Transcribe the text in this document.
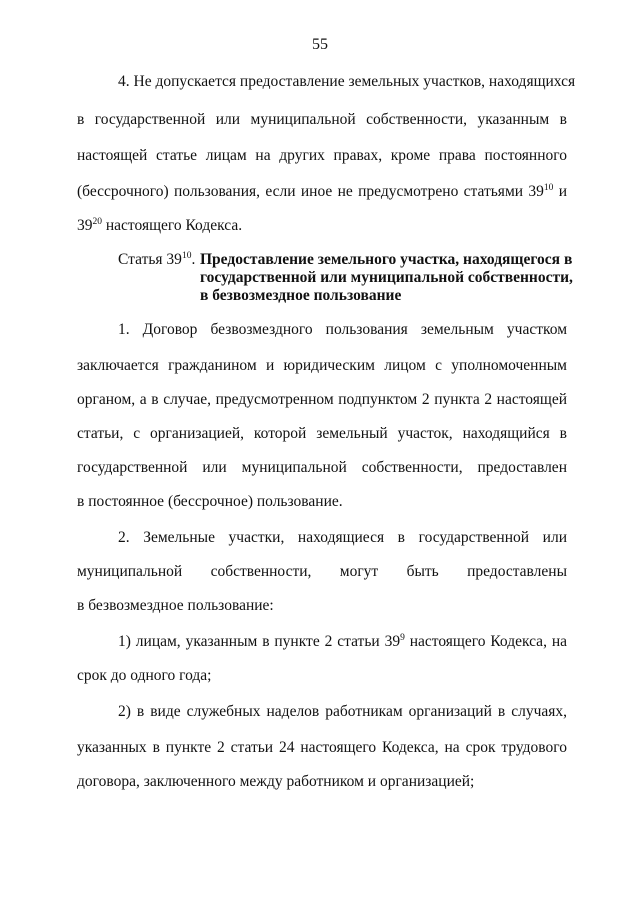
55
4. Не допускается предоставление земельных участков, находящихся
в государственной или муниципальной собственности, указанным в
настоящей статье лицам на других правах, кроме права постоянного
(бессрочного) пользования, если иное не предусмотрено статьями $39^{10}$ и
$39^{20}$ настоящего Кодекса.
Статья $39^{10}$. Предоставление земельного участка, находящегося в
государственной или муниципальной собственности,
в безвозмездное пользование
1. Договор безвозмездного пользования земельным участком
заключается гражданином и юридическим лицом с уполномоченным
органом, а в случае, предусмотренном подпунктом 2 пункта 2 настоящей
статьи, с организацией, которой земельный участок, находящийся в
государственной или муниципальной собственности, предоставлен
в постоянное (бессрочное) пользование.
2. Земельные участки, находящиеся в государственной или
муниципальной собственности, могут быть предоставлены
в безвозмездное пользование:
1) лицам, указанным в пункте 2 статьи $39^9$ настоящего Кодекса, на
срок до одного года;
2) в виде служебных наделов работникам организаций в случаях,
указанных в пункте 2 статьи 24 настоящего Кодекса, на срок трудового
договора, заключенного между работником и организацией;
